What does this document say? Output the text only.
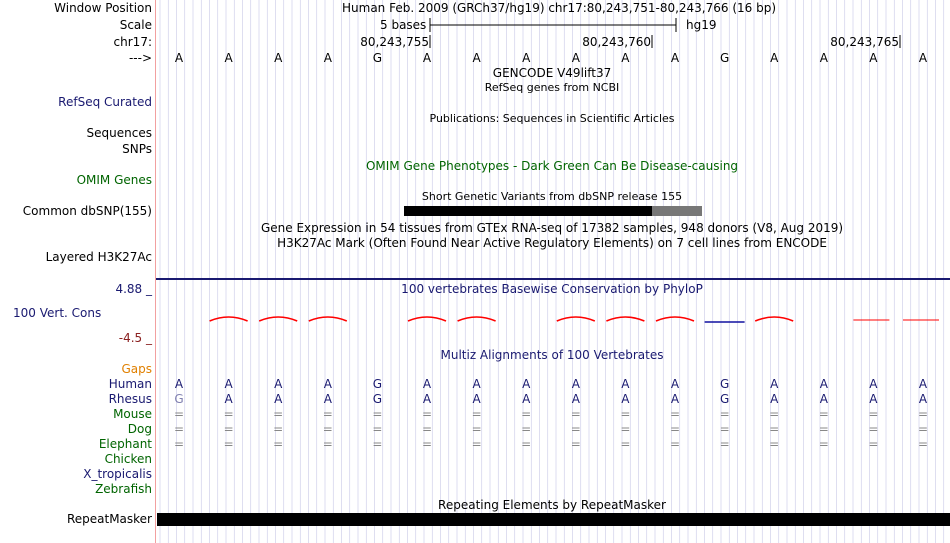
Window Position	Human Feb. 2009 (GRCh37/hg19) chr17:80,243,751-80,243,766 (16 bp)
Scale	5 bases	hg19
chr17:	80,243,755	80,243,760	80,243,765
--->	A	A	A	A	G	A	A	A	A	A	A	G	A	A	A	A
GENCODE V49lift37
RefSeq genes from NCBI
RefSeq Curated
Publications: Sequences in Scientific Articles
Sequences
SNPs
OMIM Gene Phenotypes - Dark Green Can Be Disease-causing
OMIM Genes
Short Genetic Variants from dbSNP release 155
Common dbSNP(155)
Gene Expression in 54 tissues from GTEx RNA-seq of 17382 samples, 948 donors (V8, Aug 2019)
H3K27Ac Mark (Often Found Near Active Regulatory Elements) on 7 cell lines from ENCODE
Layered H3K27Ac
4.88 _	100 vertebrates Basewise Conservation by PhyloP
100 Vert. Cons
-4.5 _
Multiz Alignments of 100 Vertebrates
Gaps
Human	A	A	A	A	G	A	A	A	A	A	A	G	A	A	A	A
Rhesus	G	A	A	A	G	A	A	A	A	A	A	G	A	A	A	A
Mouse	=	=	=	=	=	=	=	=	=	=	=	=	=	=	=	=
Dog	=	=	=	=	=	=	=	=	=	=	=	=	=	=	=	=
Elephant	=	=	=	=	=	=	=	=	=	=	=	=	=	=	=	=
Chicken
X_tropicalis
Zebrafish
Repeating Elements by RepeatMasker
RepeatMasker
